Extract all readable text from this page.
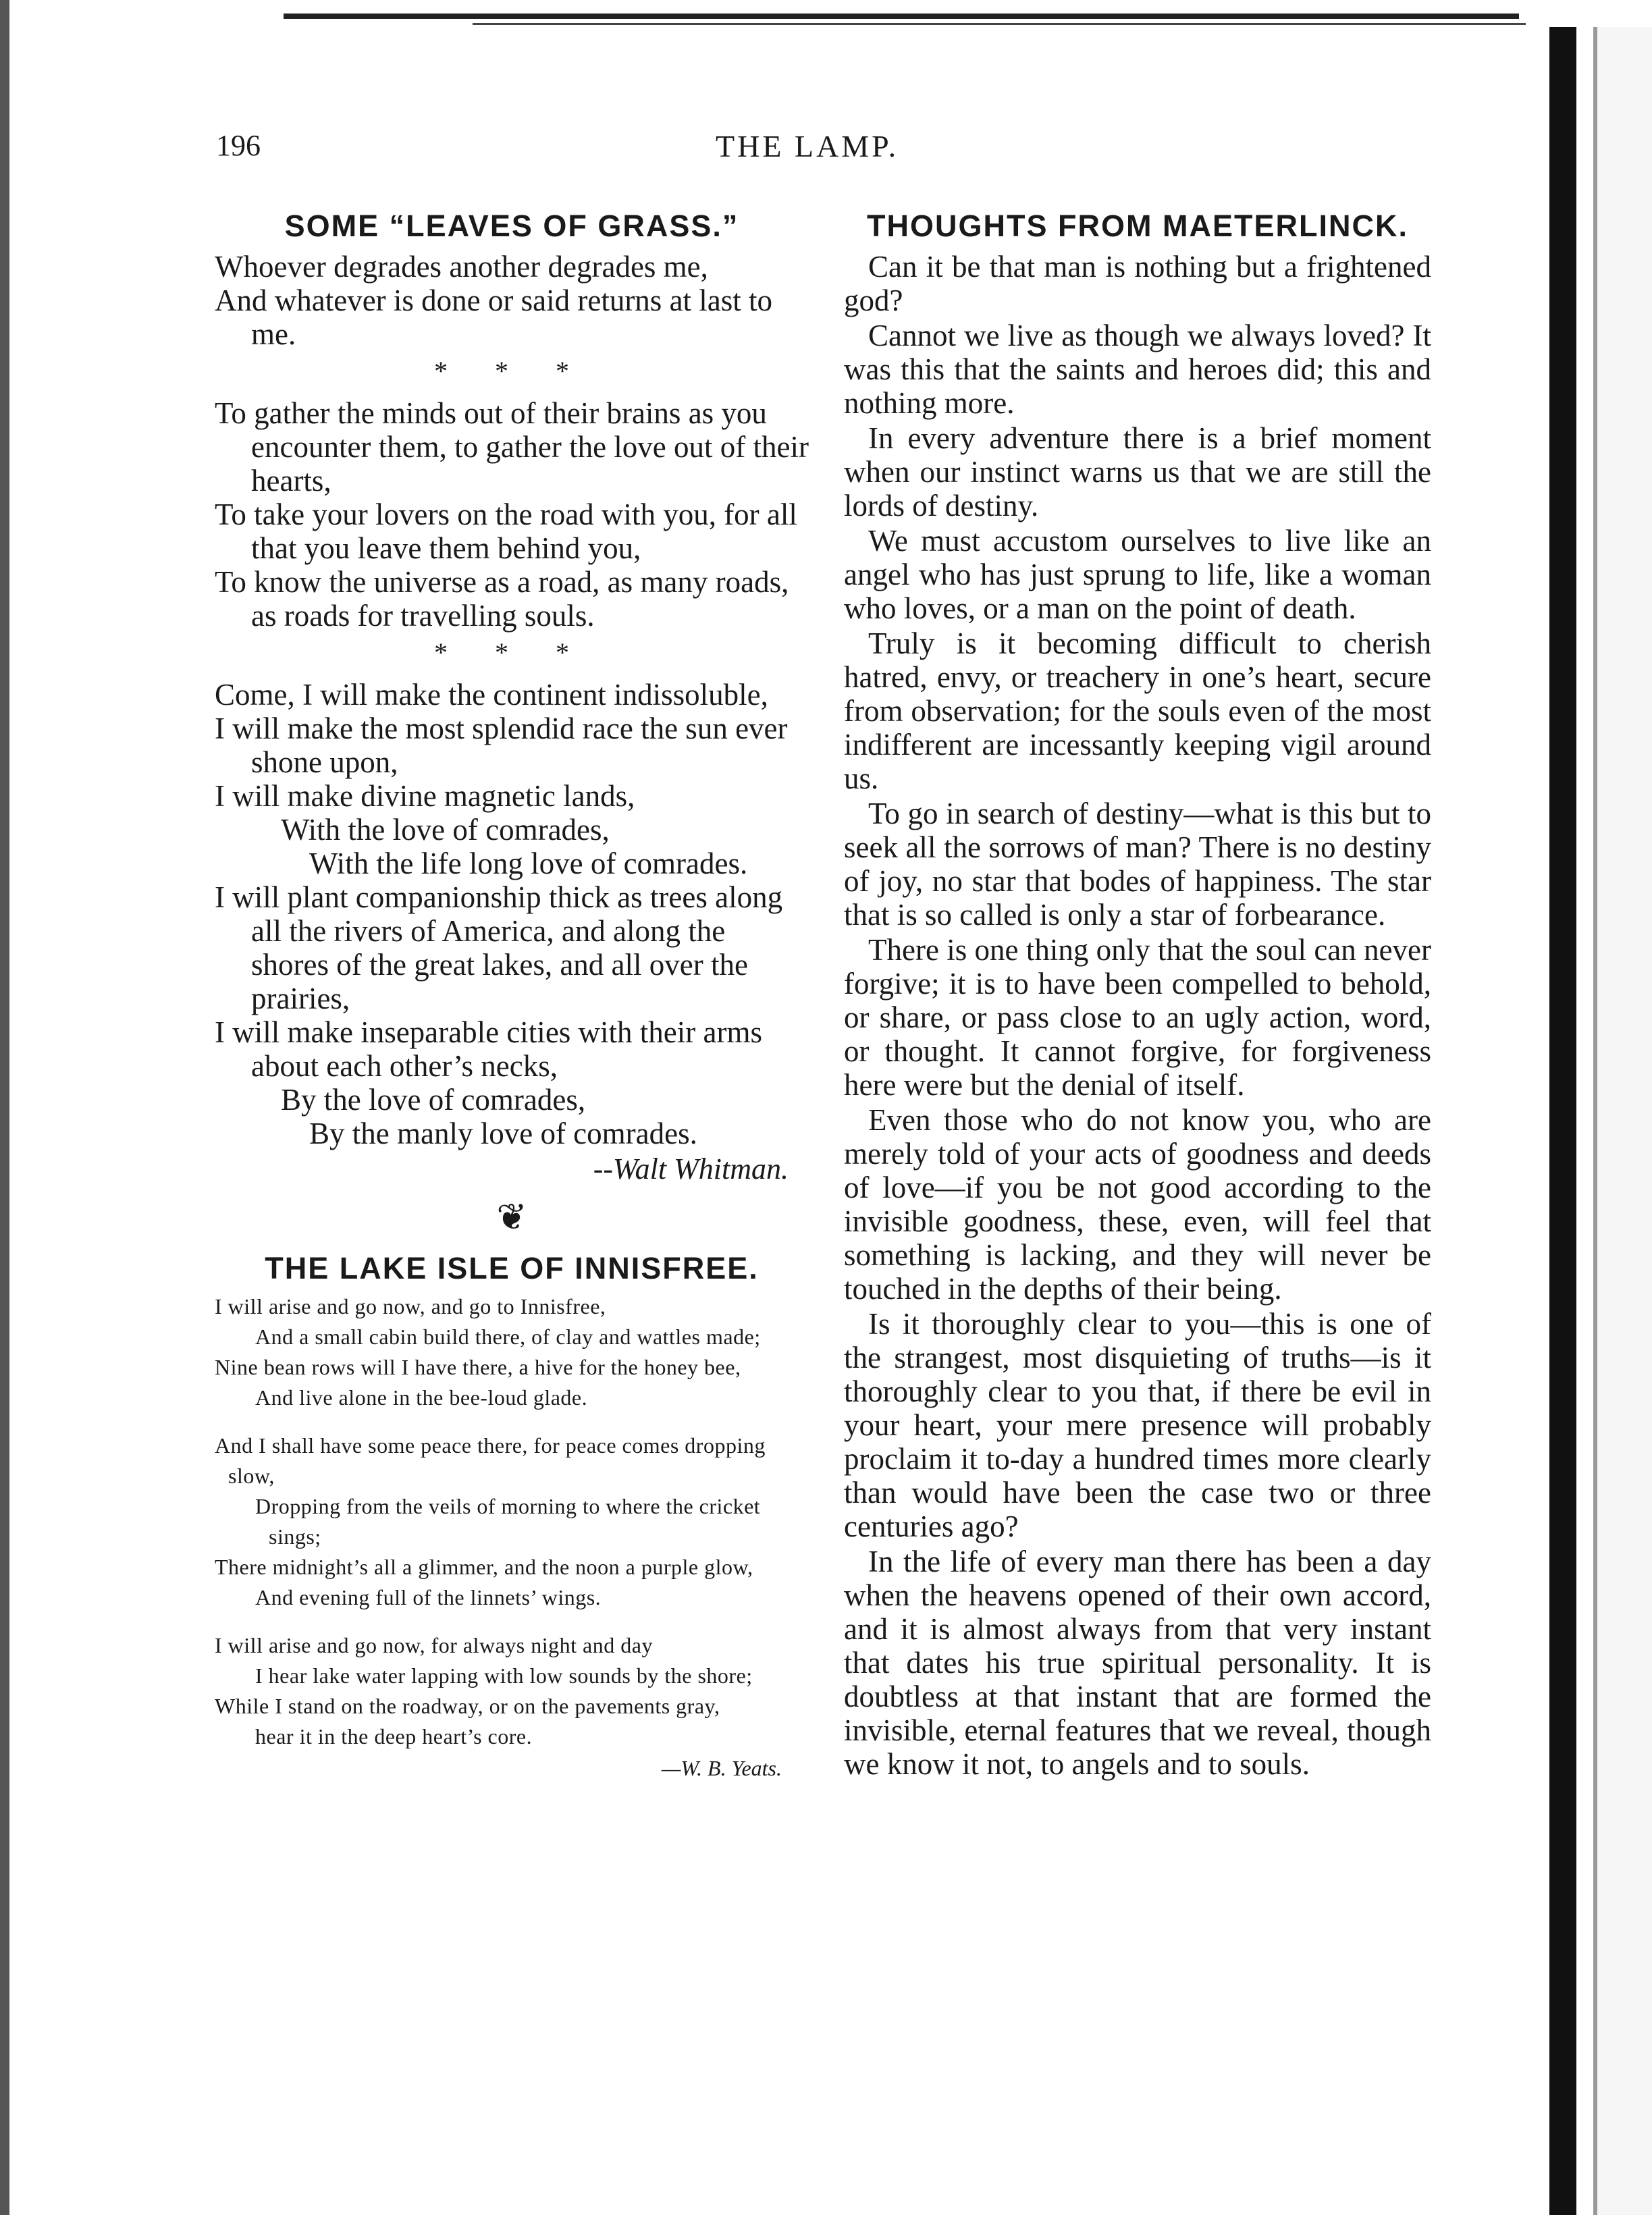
196	THE LAMP.
SOME “LEAVES OF GRASS.”

Whoever degrades another degrades me,

And whatever is done or said returns at last to me.

* * *

To gather the minds out of their brains as you encounter them, to gather the love out of their hearts,

To take your lovers on the road with you, for all that you leave them behind you,

To know the universe as a road, as many roads, as roads for travelling souls.

* * *

Come, I will make the continent indissoluble,

I will make the most splendid race the sun ever shone upon,

I will make divine magnetic lands,

With the love of comrades,

With the life long love of comrades.

I will plant companionship thick as trees along all the rivers of America, and along the shores of the great lakes, and all over the prairies,

I will make inseparable cities with their arms about each other’s necks,

By the love of comrades,

By the manly love of comrades.

--Walt Whitman.
❦
THE LAKE ISLE OF INNISFREE.

I will arise and go now, and go to Innisfree,

And a small cabin build there, of clay and wattles made;

Nine bean rows will I have there, a hive for the honey bee,

And live alone in the bee-loud glade.

And I shall have some peace there, for peace comes dropping slow,

Dropping from the veils of morning to where the cricket sings;

There midnight’s all a glimmer, and the noon a purple glow,

And evening full of the linnets’ wings.

I will arise and go now, for always night and day

I hear lake water lapping with low sounds by the shore;

While I stand on the roadway, or on the pavements gray,

hear it in the deep heart’s core.

—W. B. Yeats.
THOUGHTS FROM MAETERLINCK.

Can it be that man is nothing but a frightened god?

Cannot we live as though we always loved? It was this that the saints and heroes did; this and nothing more.

In every adventure there is a brief moment when our instinct warns us that we are still the lords of destiny.

We must accustom ourselves to live like an angel who has just sprung to life, like a woman who loves, or a man on the point of death.

Truly is it becoming difficult to cherish hatred, envy, or treachery in one’s heart, secure from observation; for the souls even of the most indifferent are incessantly keeping vigil around us.

To go in search of destiny—what is this but to seek all the sorrows of man? There is no destiny of joy, no star that bodes of happiness. The star that is so called is only a star of forbearance.

There is one thing only that the soul can never forgive; it is to have been compelled to behold, or share, or pass close to an ugly action, word, or thought. It cannot forgive, for forgiveness here were but the denial of itself.

Even those who do not know you, who are merely told of your acts of goodness and deeds of love—if you be not good according to the invisible goodness, these, even, will feel that something is lacking, and they will never be touched in the depths of their being.

Is it thoroughly clear to you—this is one of the strangest, most disquieting of truths—is it thoroughly clear to you that, if there be evil in your heart, your mere presence will probably proclaim it to-day a hundred times more clearly than would have been the case two or three centuries ago?

In the life of every man there has been a day when the heavens opened of their own accord, and it is almost always from that very instant that dates his true spiritual personality. It is doubtless at that instant that are formed the invisible, eternal features that we reveal, though we know it not, to angels and to souls.
